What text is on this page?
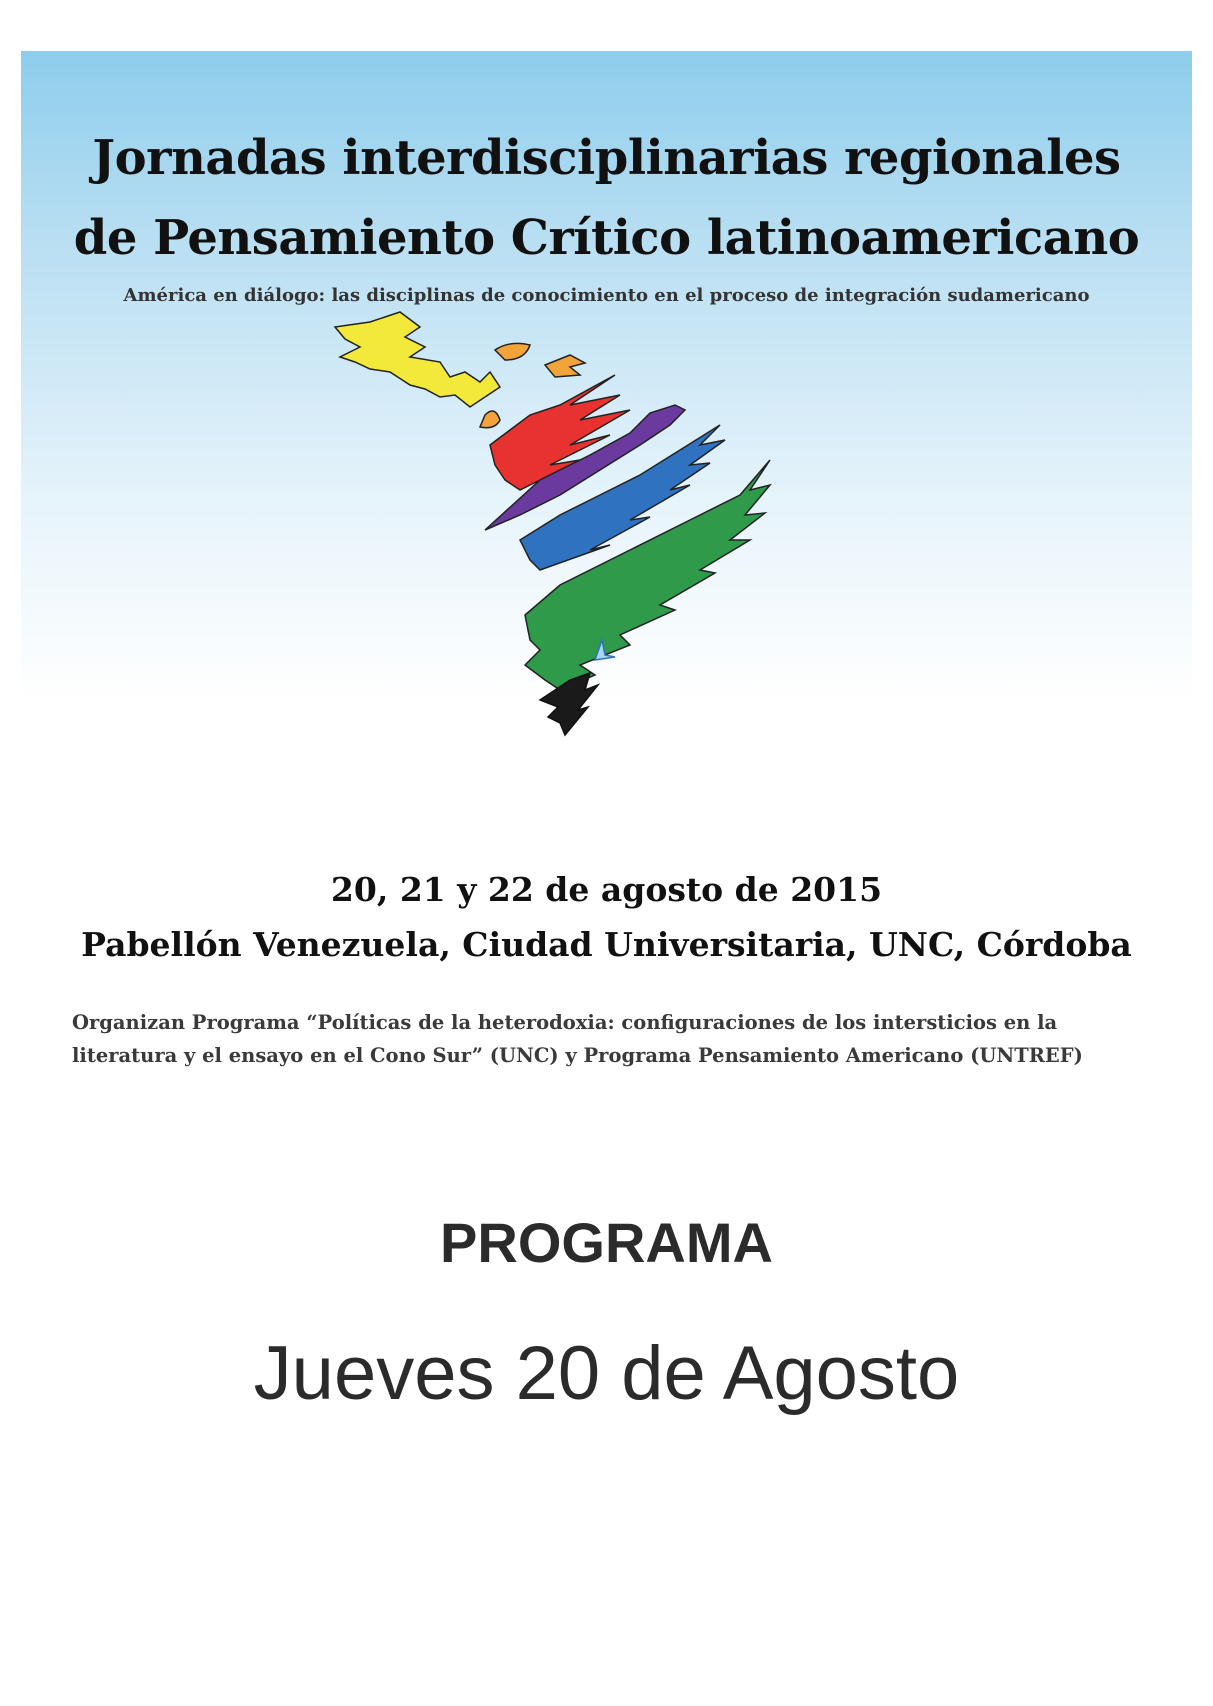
Jornadas interdisciplinarias regionales
de Pensamiento Crítico latinoamericano
América en diálogo: las disciplinas de conocimiento en el proceso de integración sudamericano
20, 21 y 22 de agosto de 2015
Pabellón Venezuela, Ciudad Universitaria, UNC, Córdoba
Organizan Programa “Políticas de la heterodoxia: configuraciones de los intersticios en la
literatura y el ensayo en el Cono Sur” (UNC) y Programa Pensamiento Americano (UNTREF)
PROGRAMA
Jueves 20 de Agosto
